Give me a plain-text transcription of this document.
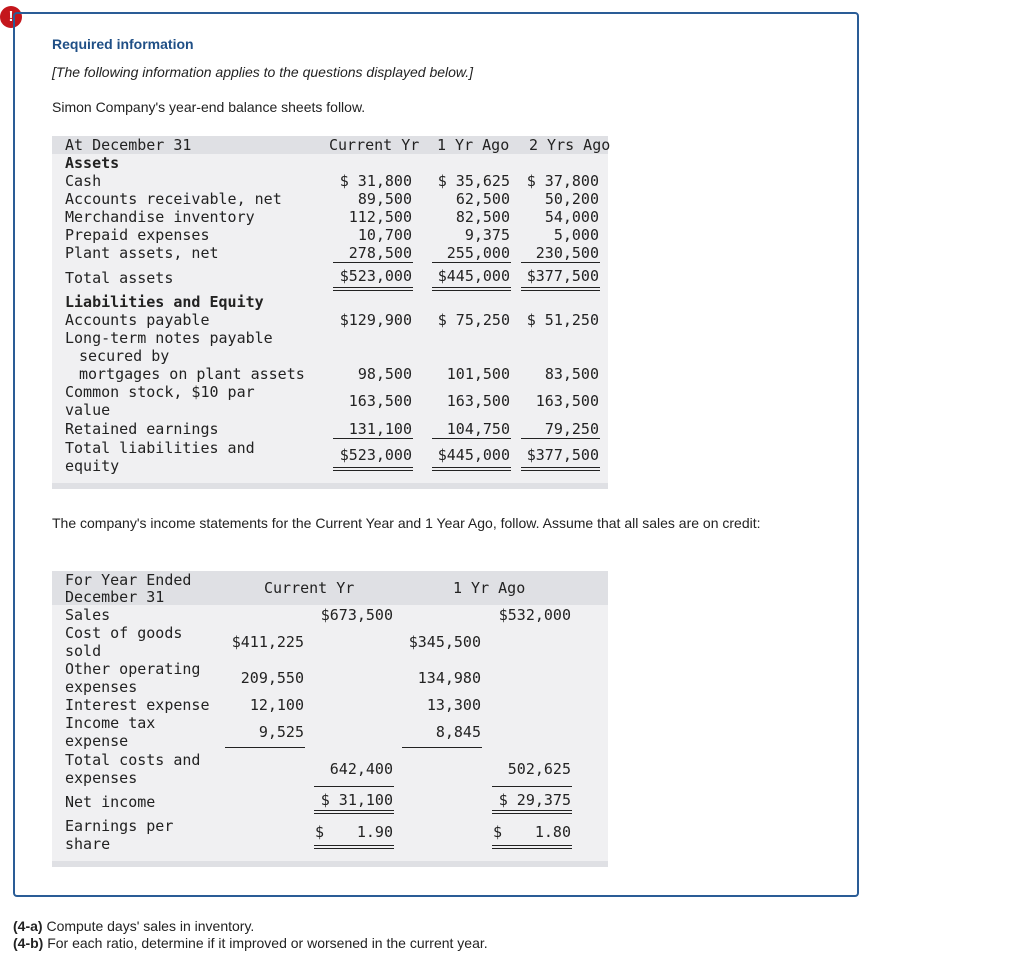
!
Required information
[The following information applies to the questions displayed below.]
Simon Company's year-end balance sheets follow.
At December 31	Current Yr 1 Yr Ago 2 Yrs Ago
Assets
Cash	$ 31,800 $ 35,625 $ 37,800
Accounts receivable, net	89,500	62,500 50,200
Merchandise inventory	112,500	82,500 54,000
Prepaid expenses	10,700	9,375	5,000
Plant assets, net	278,500 255,000 230,500
Total assets	$523,000 $445,000 $377,500
Liabilities and Equity
Accounts payable	$129,900 $ 75,250 $ 51,250
Long-term notes payable
secured by
mortgages on plant assets	98,500 101,500 83,500
Common stock, $10 par
value	163,500 163,500 163,500
Retained earnings	131,100 104,750 79,250
Total liabilities and
equity
$523,000 $445,000 $377,500
The company's income statements for the Current Year and 1 Year Ago, follow. Assume that all sales are on credit:
For Year Ended
December 31	Current Yr	1 Yr Ago
Sales	$673,500	$532,000
Cost of goods
sold	$411,225	$345,500
Other operating
expenses	209,550	134,980
Interest expense	12,100	13,300
Income tax
expense	9,525	8,845
Total costs and
expenses	642,400	502,625
Net income	$ 31,100	$ 29,375
Earnings per
share
$ 1.90	$ 1.80
(4-a) Compute days' sales in inventory.
(4-b) For each ratio, determine if it improved or worsened in the current year.
